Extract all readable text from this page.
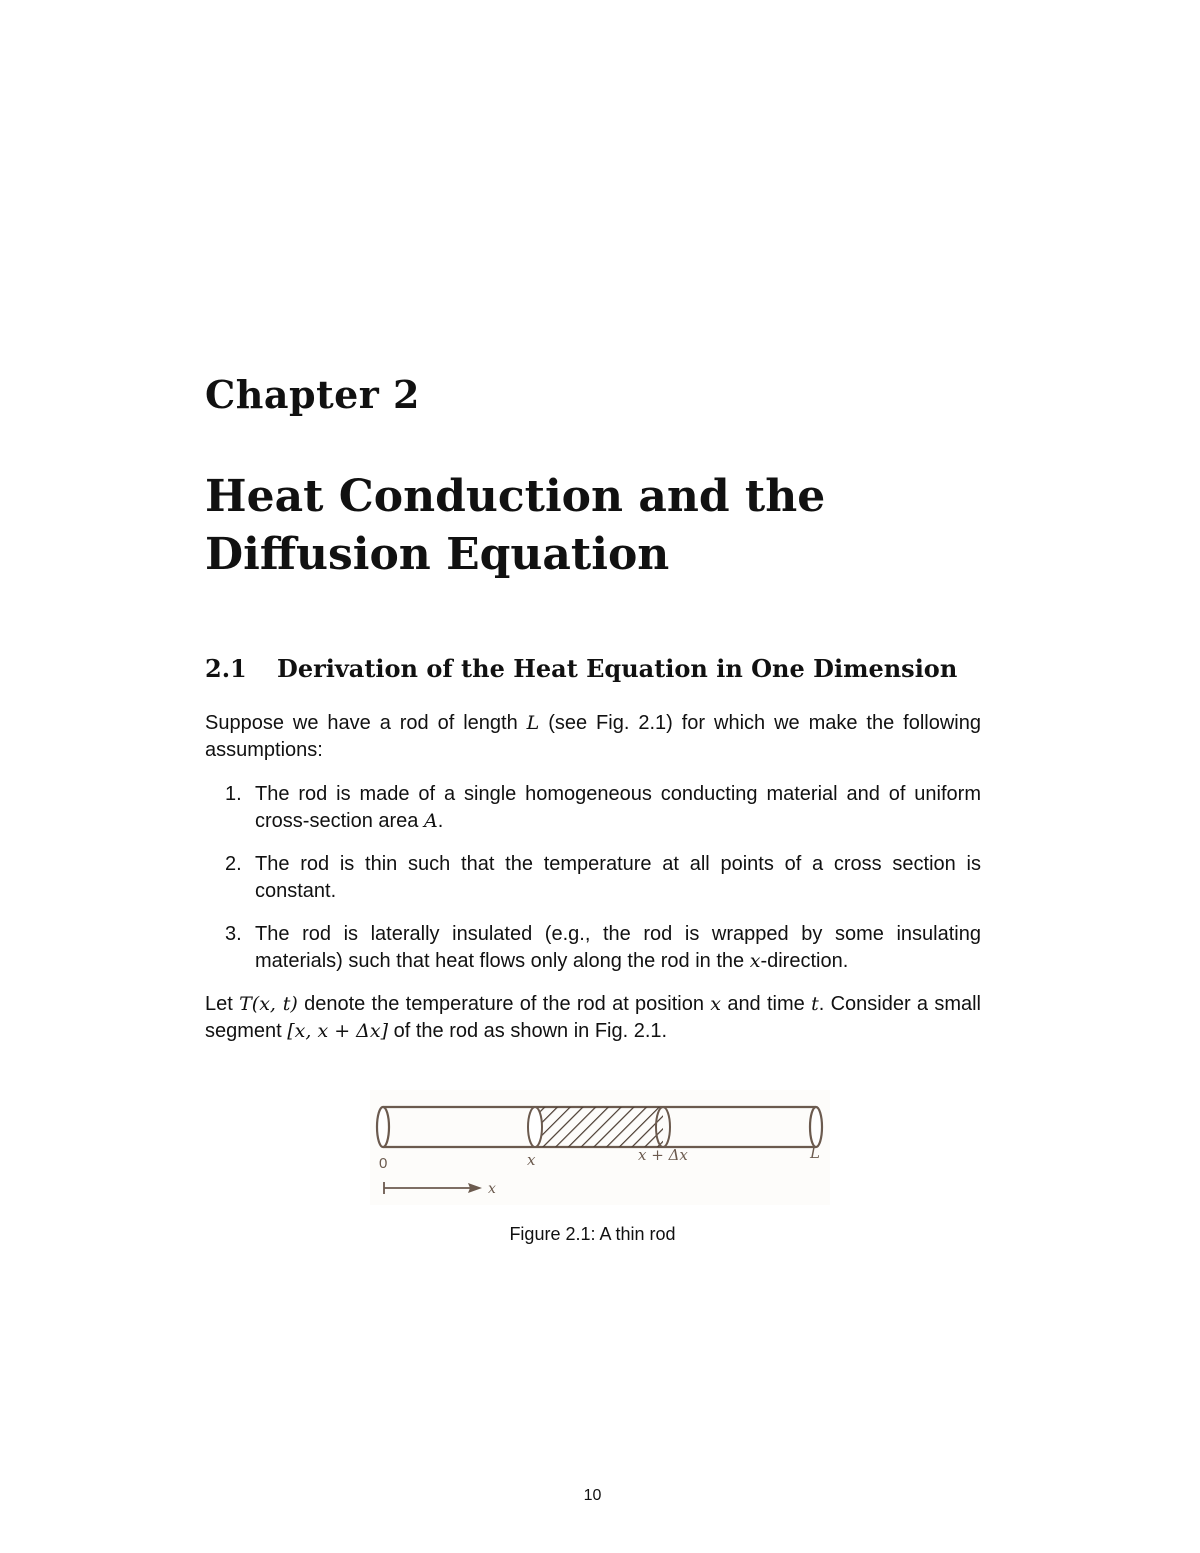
Chapter 2
Heat Conduction and the
Diffusion Equation
2.1 Derivation of the Heat Equation in One Dimension

Suppose we have a rod of length L (see Fig. 2.1) for which we make the following assumptions:

1. The rod is made of a single homogeneous conducting material and of uniform cross-section area A.
2. The rod is thin such that the temperature at all points of a cross section is constant.
3. The rod is laterally insulated (e.g., the rod is wrapped by some insulating materials) such that heat flows only along the rod in the x-direction.

Let T(x, t) denote the temperature of the rod at position x and time t. Consider a small segment [x, x + Δx] of the rod as shown in Fig. 2.1.

0	x	x + Δx	L
x
Figure 2.1: A thin rod
10
